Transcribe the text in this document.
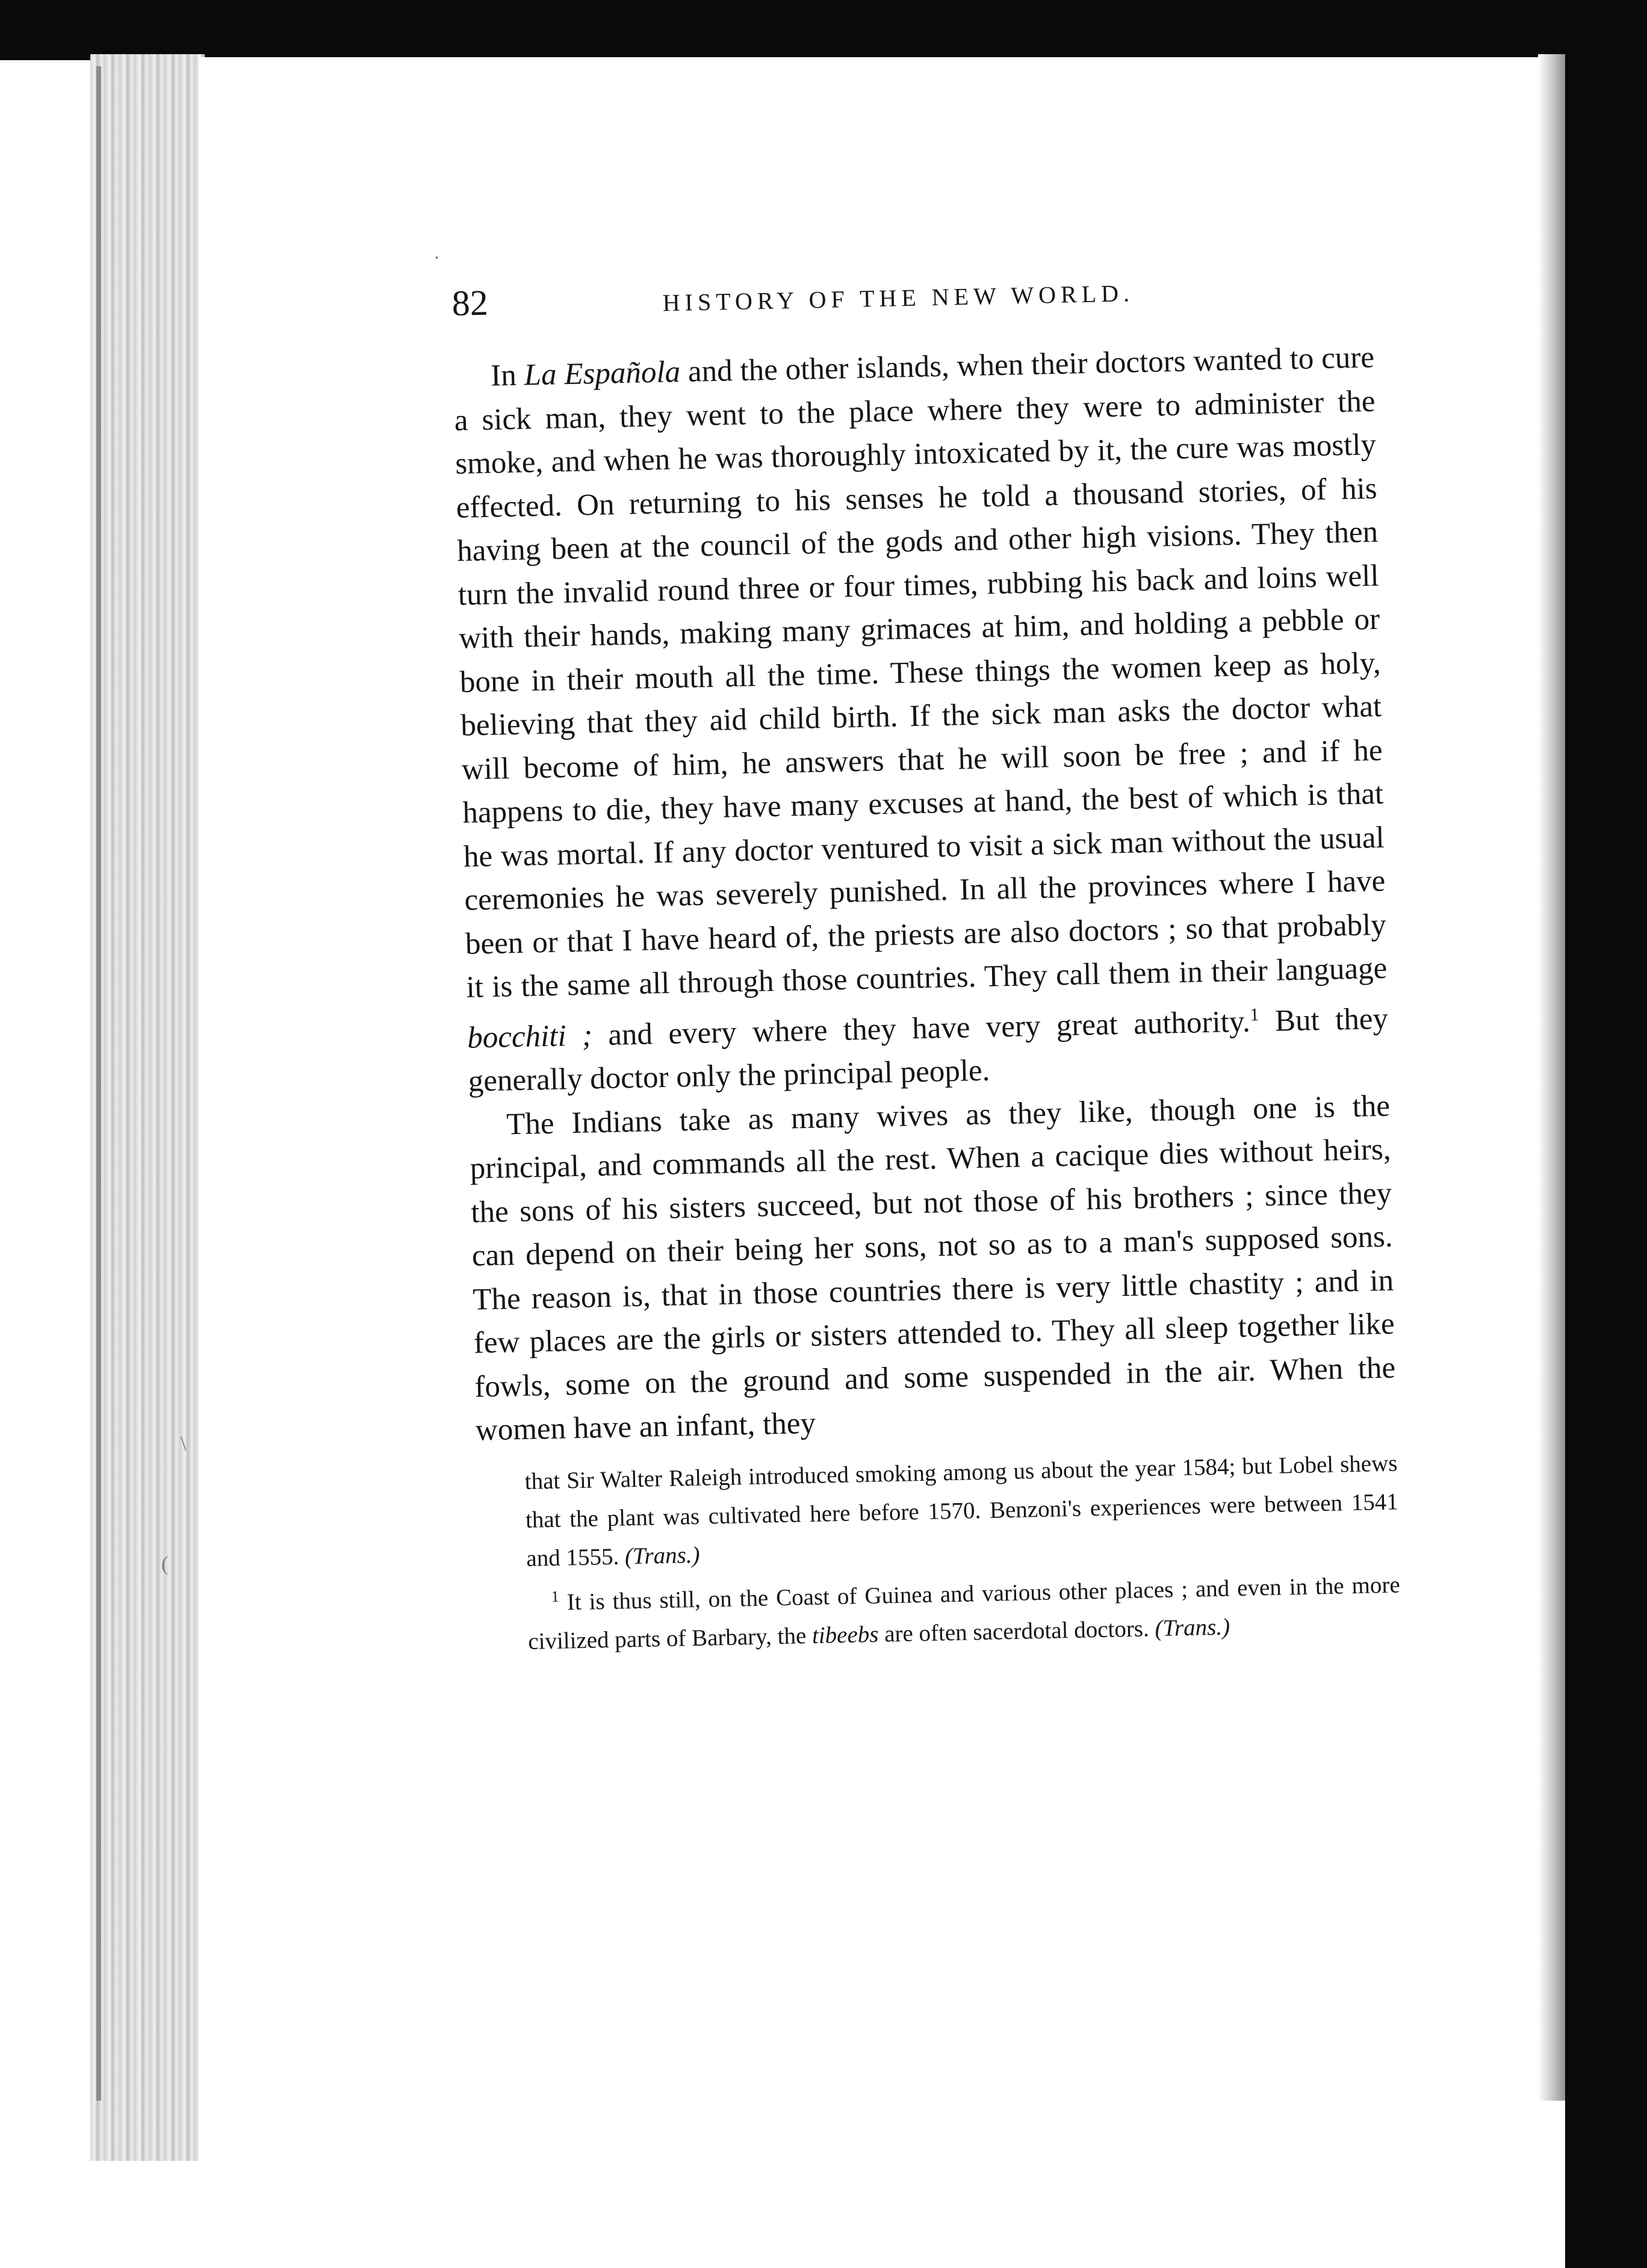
·
\
(
82	HISTORY OF THE NEW WORLD.

In La Española and the other islands, when their doctors wanted to cure a sick man, they went to the place where they were to administer the smoke, and when he was thoroughly intoxicated by it, the cure was mostly effected. On returning to his senses he told a thousand stories, of his having been at the council of the gods and other high visions. They then turn the invalid round three or four times, rubbing his back and loins well with their hands, making many grimaces at him, and holding a pebble or bone in their mouth all the time. These things the women keep as holy, believing that they aid child birth. If the sick man asks the doctor what will become of him, he answers that he will soon be free ; and if he happens to die, they have many excuses at hand, the best of which is that he was mortal. If any doctor ventured to visit a sick man without the usual ceremonies he was severely punished. In all the provinces where I have been or that I have heard of, the priests are also doctors ; so that probably it is the same all through those countries. They call them in their language bocchiti ; and every where they have very great authority.$^1$ But they generally doctor only the principal people.

The Indians take as many wives as they like, though one is the principal, and commands all the rest. When a cacique dies without heirs, the sons of his sisters succeed, but not those of his brothers ; since they can depend on their being her sons, not so as to a man's supposed sons. The reason is, that in those countries there is very little chastity ; and in few places are the girls or sisters attended to. They all sleep together like fowls, some on the ground and some suspended in the air. When the women have an infant, they

that Sir Walter Raleigh introduced smoking among us about the year 1584; but Lobel shews that the plant was cultivated here before 1570. Benzoni's experiences were between 1541 and 1555. (Trans.)

$^1$ It is thus still, on the Coast of Guinea and various other places ; and even in the more civilized parts of Barbary, the tibeebs are often sacerdotal doctors. (Trans.)
